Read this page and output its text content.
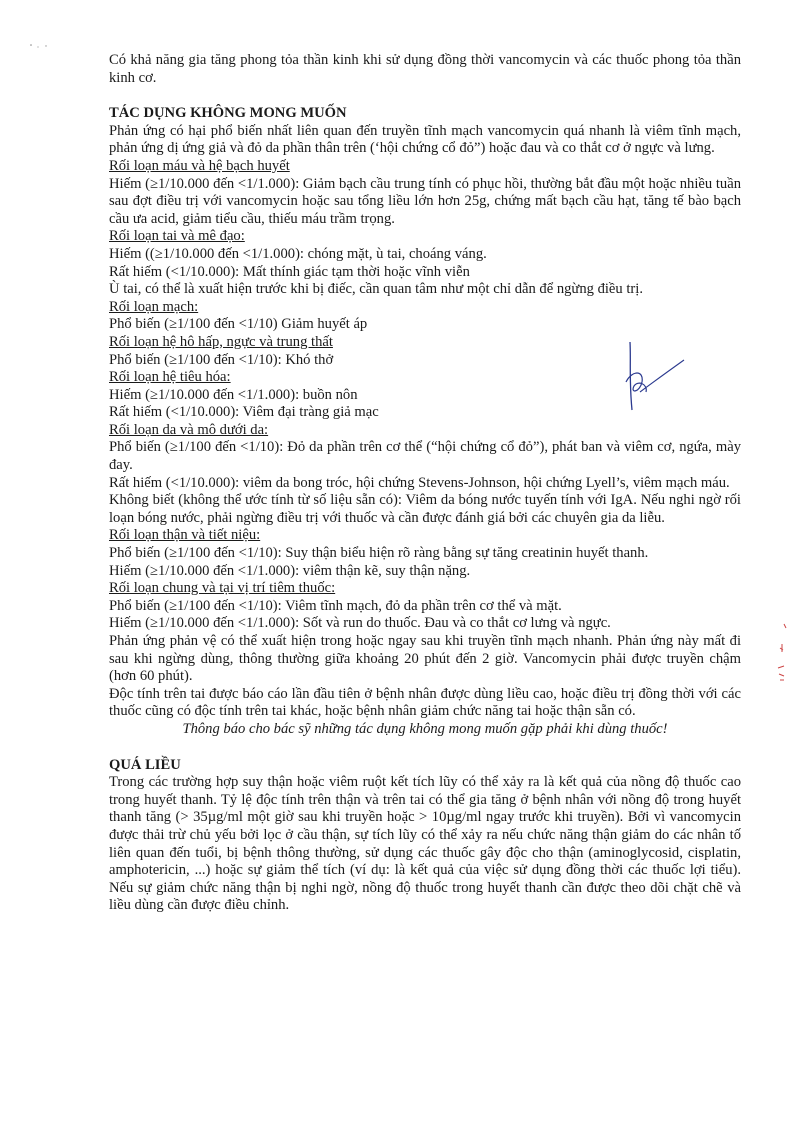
Có khả năng gia tăng phong tỏa thần kinh khi sử dụng đồng thời vancomycin và các thuốc phong tỏa thần kinh cơ.

TÁC DỤNG KHÔNG MONG MUỐN

Phản ứng có hại phổ biến nhất liên quan đến truyền tĩnh mạch vancomycin quá nhanh là viêm tĩnh mạch, phản ứng dị ứng giả và đỏ da phần thân trên (‘hội chứng cổ đỏ”) hoặc đau và co thắt cơ ở ngực và lưng.

Rối loạn máu và hệ bạch huyết

Hiếm (≥1/10.000 đến <1/1.000): Giảm bạch cầu trung tính có phục hồi, thường bắt đầu một hoặc nhiều tuần sau đợt điều trị với vancomycin hoặc sau tổng liều lớn hơn 25g, chứng mất bạch cầu hạt, tăng tế bào bạch cầu ưa acid, giảm tiểu cầu, thiếu máu trầm trọng.

Rối loạn tai và mê đạo:

Hiếm ((≥1/10.000 đến <1/1.000): chóng mặt, ù tai, choáng váng.

Rất hiếm (<1/10.000): Mất thính giác tạm thời hoặc vĩnh viễn

Ù tai, có thể là xuất hiện trước khi bị điếc, cần quan tâm như một chỉ dẫn để ngừng điều trị.

Rối loạn mạch:

Phổ biến (≥1/100 đến <1/10) Giảm huyết áp

Rối loạn hệ hô hấp, ngực và trung thất

Phổ biến (≥1/100 đến <1/10): Khó thở

Rối loạn hệ tiêu hóa:

Hiếm (≥1/10.000 đến <1/1.000): buồn nôn

Rất hiếm (<1/10.000): Viêm đại tràng giả mạc

Rối loạn da và mô dưới da:

Phổ biến (≥1/100 đến <1/10): Đỏ da phần trên cơ thể (“hội chứng cổ đỏ”), phát ban và viêm cơ, ngứa, mày đay.

Rất hiếm (<1/10.000): viêm da bong tróc, hội chứng Stevens-Johnson, hội chứng Lyell’s, viêm mạch máu.

Không biết (không thể ước tính từ số liệu sẵn có): Viêm da bóng nước tuyến tính với IgA. Nếu nghi ngờ rối loạn bóng nước, phải ngừng điều trị với thuốc và cần được đánh giá bởi các chuyên gia da liễu.

Rối loạn thận và tiết niệu:

Phổ biến (≥1/100 đến <1/10): Suy thận biểu hiện rõ ràng bằng sự tăng creatinin huyết thanh.

Hiếm (≥1/10.000 đến <1/1.000): viêm thận kẽ, suy thận nặng.

Rối loạn chung và tại vị trí tiêm thuốc:

Phổ biến (≥1/100 đến <1/10): Viêm tĩnh mạch, đỏ da phần trên cơ thể và mặt.

Hiếm (≥1/10.000 đến <1/1.000): Sốt và run do thuốc. Đau và co thắt cơ lưng và ngực.

Phản ứng phản vệ có thể xuất hiện trong hoặc ngay sau khi truyền tĩnh mạch nhanh. Phản ứng này mất đi sau khi ngừng dùng, thông thường giữa khoảng 20 phút đến 2 giờ. Vancomycin phải được truyền chậm (hơn 60 phút).

Độc tính trên tai được báo cáo lần đầu tiên ở bệnh nhân được dùng liều cao, hoặc điều trị đồng thời với các thuốc cũng có độc tính trên tai khác, hoặc bệnh nhân giảm chức năng tai hoặc thận sẵn có.

Thông báo cho bác sỹ những tác dụng không mong muốn gặp phải khi dùng thuốc!

QUÁ LIỀU

Trong các trường hợp suy thận hoặc viêm ruột kết tích lũy có thể xảy ra là kết quả của nồng độ thuốc cao trong huyết thanh. Tỷ lệ độc tính trên thận và trên tai có thể gia tăng ở bệnh nhân với nồng độ trong huyết thanh tăng (> 35µg/ml một giờ sau khi truyền hoặc > 10µg/ml ngay trước khi truyền). Bởi vì vancomycin được thải trừ chủ yếu bởi lọc ở cầu thận, sự tích lũy có thể xảy ra nếu chức năng thận giảm do các nhân tố liên quan đến tuổi, bị bệnh thông thường, sử dụng các thuốc gây độc cho thận (aminoglycosid, cisplatin, amphotericin, ...) hoặc sự giảm thể tích (ví dụ: là kết quả của việc sử dụng đồng thời các thuốc lợi tiểu). Nếu sự giảm chức năng thận bị nghi ngờ, nồng độ thuốc trong huyết thanh cần được theo dõi chặt chẽ và liều dùng cần được điều chỉnh.
